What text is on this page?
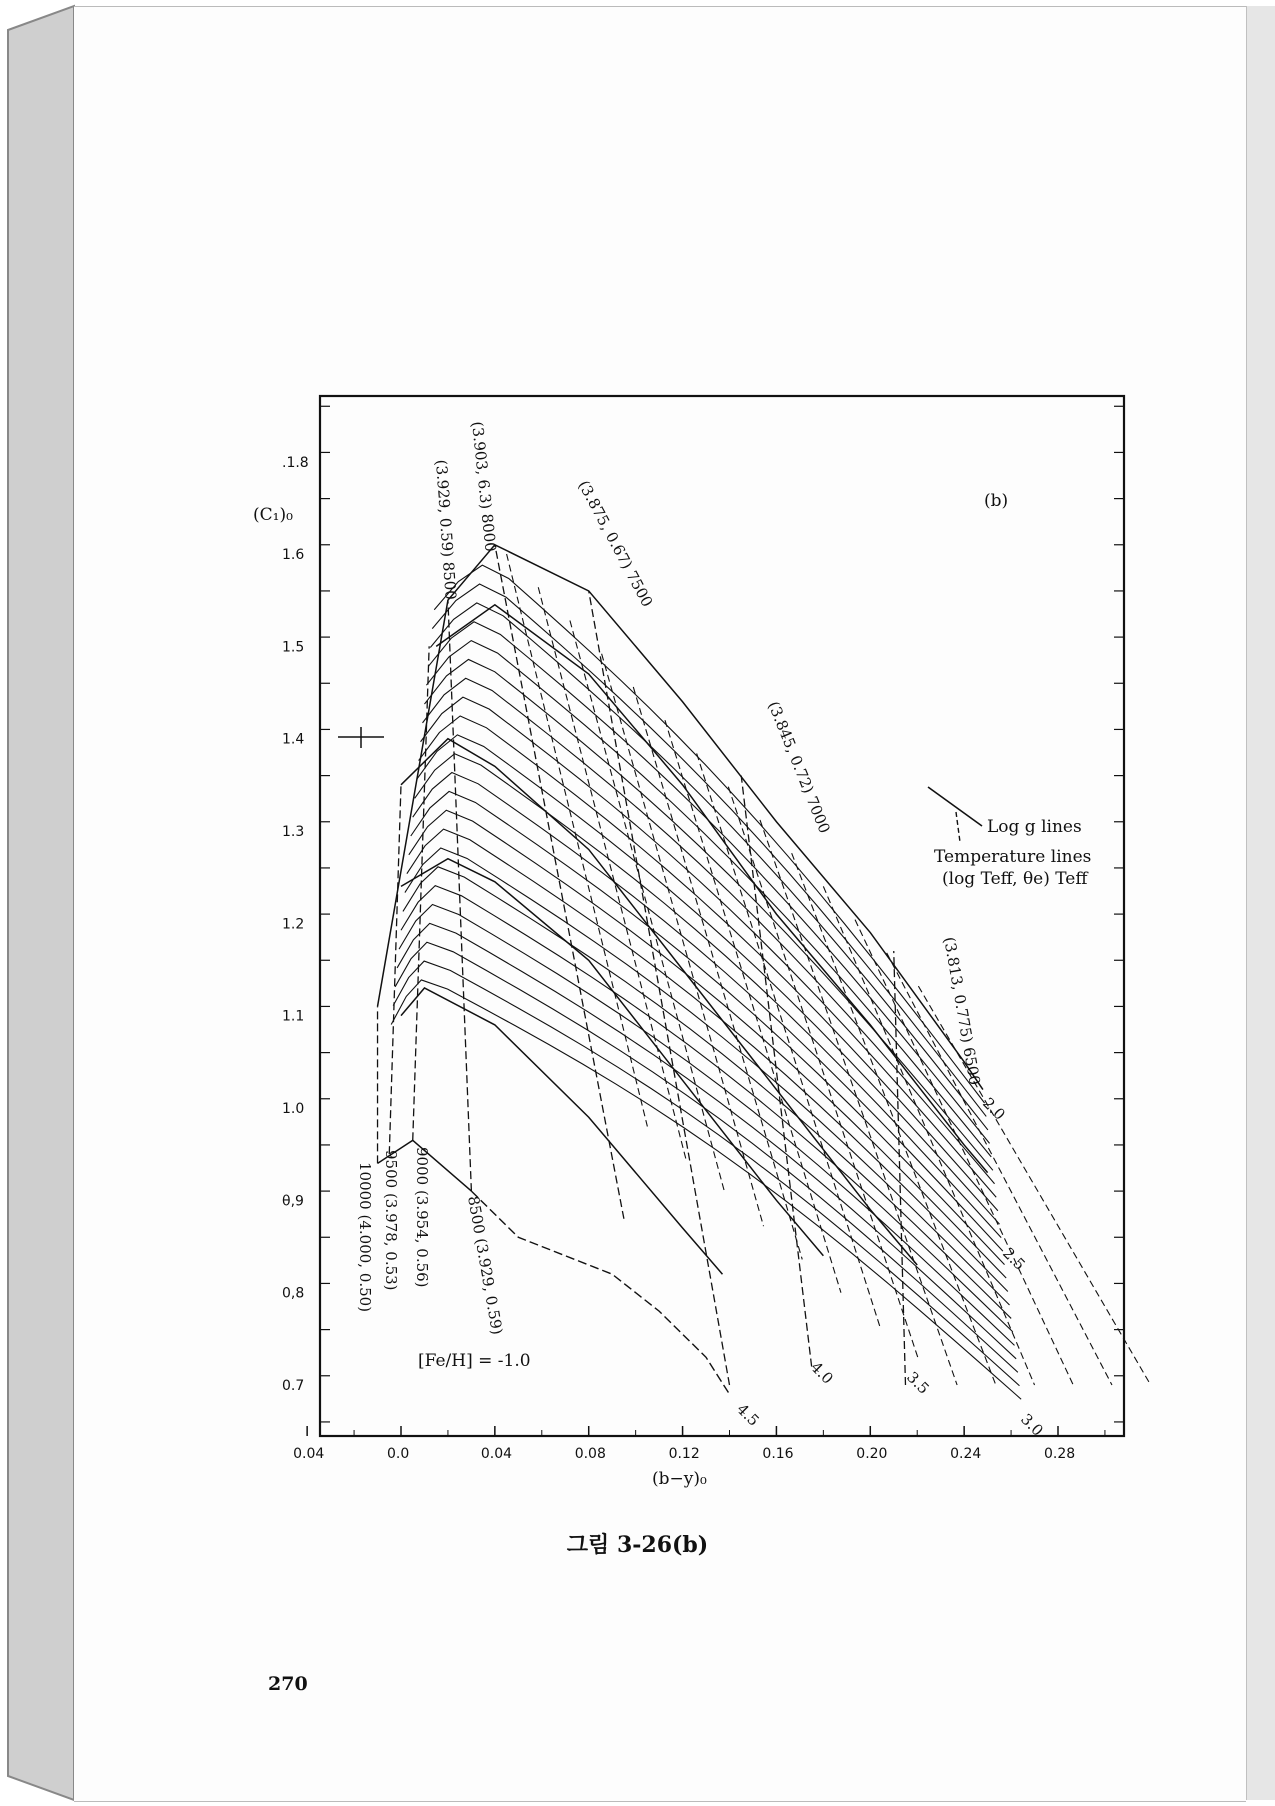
0.04	0.0	0.04	0.08	0.12	0.16	0.20	0.24	0.28
0.7
0,8
θ,9
1.0
1.1
1.2
1.3
1.4
1.5
1.6
.1.8
(C₁)₀
(b−y)₀
(b)
[Fe/H] = -1.0
Log g lines
Temperature lines
(log Teff, θe) Teff
10000 (4.000, 0.50) 9500 (3.978, 0.53) 9000 (3.954, 0.56) 8500 (3.929, 0.59)
(3.929, 0.59) 8500 (3.903, 6.3) 8000	(3.875, 0.67) 7500
(3.845, 0.72) 7000
(3.813, 0.775) 6500
2.0
2.5
3.0
3.5
4.0
4.5
그림 3-26(b)
270
